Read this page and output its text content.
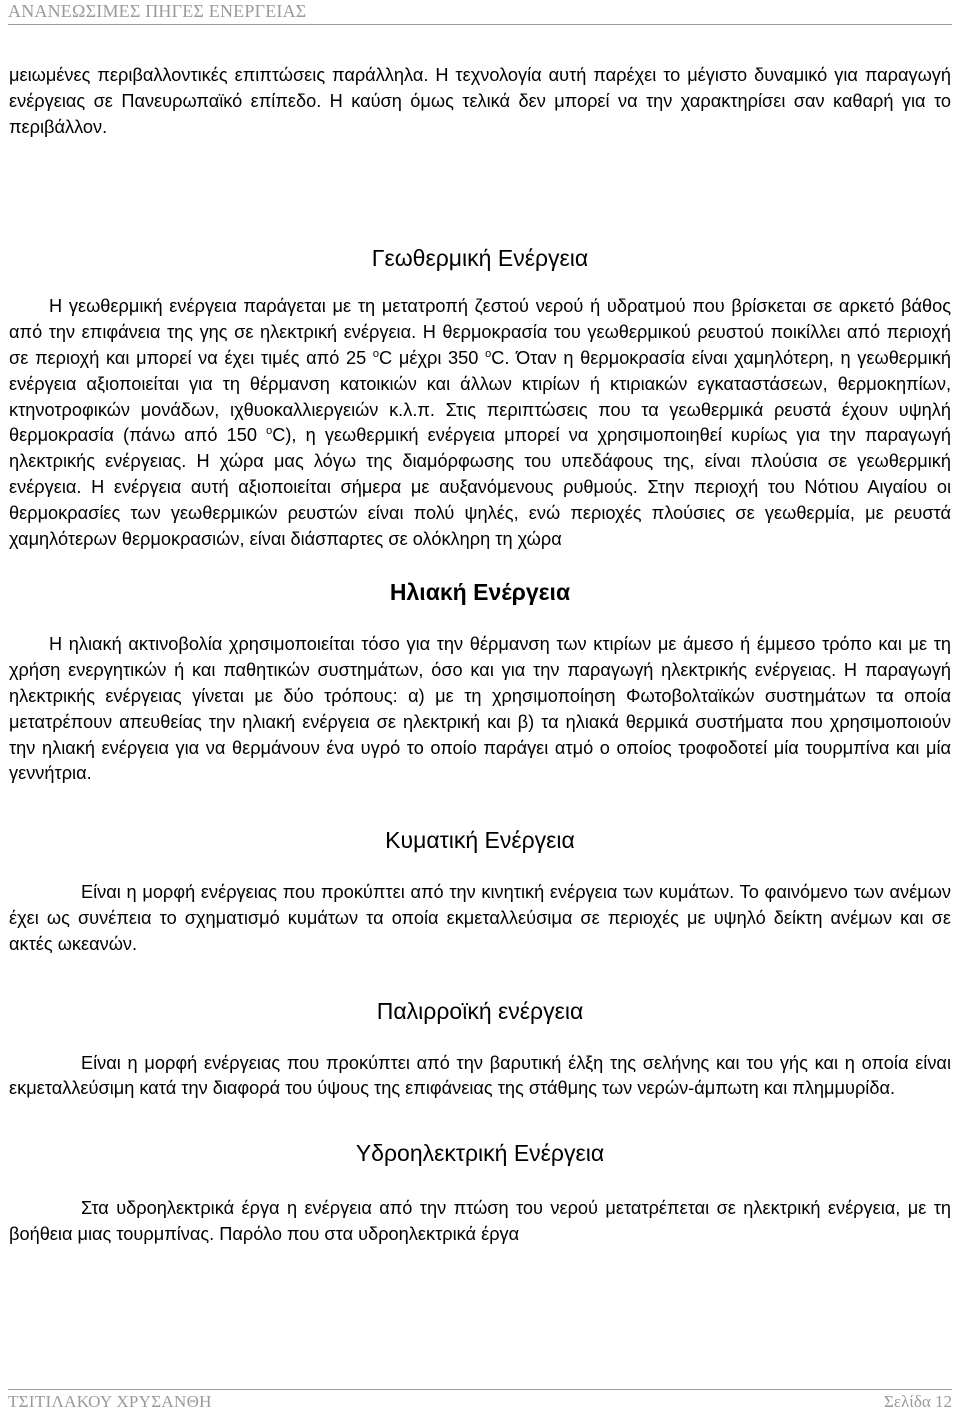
ΑΝΑΝΕΩΣΙΜΕΣ ΠΗΓΕΣ ΕΝΕΡΓΕΙΑΣ

μειωμένες περιβαλλοντικές επιπτώσεις παράλληλα. Η τεχνολογία αυτή παρέχει το μέγιστο δυναμικό για παραγωγή ενέργειας σε Πανευρωπαϊκό επίπεδο. Η καύση όμως τελικά δεν μπορεί να την χαρακτηρίσει σαν καθαρή για το περιβάλλον.

Γεωθερμική Ενέργεια

Η γεωθερμική ενέργεια παράγεται με τη μετατροπή ζεστού νερού ή υδρατμού που βρίσκεται σε αρκετό βάθος από την επιφάνεια της γης σε ηλεκτρική ενέργεια. Η θερμοκρασία του γεωθερμικού ρευστού ποικίλλει από περιοχή σε περιοχή και μπορεί να έχει τιμές από 25 $^o$C μέχρι 350 $^o$C. Όταν η θερμοκρασία είναι χαμηλότερη, η γεωθερμική ενέργεια αξιοποιείται για τη θέρμανση κατοικιών και άλλων κτιρίων ή κτιριακών εγκαταστάσεων, θερμοκηπίων, κτηνοτροφικών μονάδων, ιχθυοκαλλιεργειών κ.λ.π. Στις περιπτώσεις που τα γεωθερμικά ρευστά έχουν υψηλή θερμοκρασία (πάνω από 150 $^o$C), η γεωθερμική ενέργεια μπορεί να χρησιμοποιηθεί κυρίως για την παραγωγή ηλεκτρικής ενέργειας. Η χώρα μας λόγω της διαμόρφωσης του υπεδάφους της, είναι πλούσια σε γεωθερμική ενέργεια. Η ενέργεια αυτή αξιοποιείται σήμερα με αυξανόμενους ρυθμούς. Στην περιοχή του Νότιου Αιγαίου οι θερμοκρασίες των γεωθερμικών ρευστών είναι πολύ ψηλές, ενώ περιοχές πλούσιες σε γεωθερμία, με ρευστά χαμηλότερων θερμοκρασιών, είναι διάσπαρτες σε ολόκληρη τη χώρα

Ηλιακή Ενέργεια

Η ηλιακή ακτινοβολία χρησιμοποιείται τόσο για την θέρμανση των κτιρίων με άμεσο ή έμμεσο τρόπο και με τη χρήση ενεργητικών ή και παθητικών συστημάτων, όσο και για την παραγωγή ηλεκτρικής ενέργειας. Η παραγωγή ηλεκτρικής ενέργειας γίνεται με δύο τρόπους: α) με τη χρησιμοποίηση Φωτοβολταϊκών συστημάτων τα οποία μετατρέπουν απευθείας την ηλιακή ενέργεια σε ηλεκτρική και β) τα ηλιακά θερμικά συστήματα που χρησιμοποιούν την ηλιακή ενέργεια για να θερμάνουν ένα υγρό το οποίο παράγει ατμό ο οποίος τροφοδοτεί μία τουρμπίνα και μία γεννήτρια.

Κυματική Ενέργεια

Είναι η μορφή ενέργειας που προκύπτει από την κινητική ενέργεια των κυμάτων. Το φαινόμενο των ανέμων έχει ως συνέπεια το σχηματισμό κυμάτων τα οποία εκμεταλλεύσιμα σε περιοχές με υψηλό δείκτη ανέμων και σε ακτές ωκεανών.

Παλιρροϊκή ενέργεια

Είναι η μορφή ενέργειας που προκύπτει από την βαρυτική έλξη της σελήνης και του γής και η οποία είναι εκμεταλλεύσιμη κατά την διαφορά του ύψους της επιφάνειας της στάθμης των νερών-άμπωτη και πλημμυρίδα.

Υδροηλεκτρική Ενέργεια

Στα υδροηλεκτρικά έργα η ενέργεια από την πτώση του νερού μετατρέπεται σε ηλεκτρική ενέργεια, με τη βοήθεια μιας τουρμπίνας. Παρόλο που στα υδροηλεκτρικά έργα

ΤΣΙΤΙΛΑΚΟΥ ΧΡΥΣΑΝΘΗ	Σελίδα 12
